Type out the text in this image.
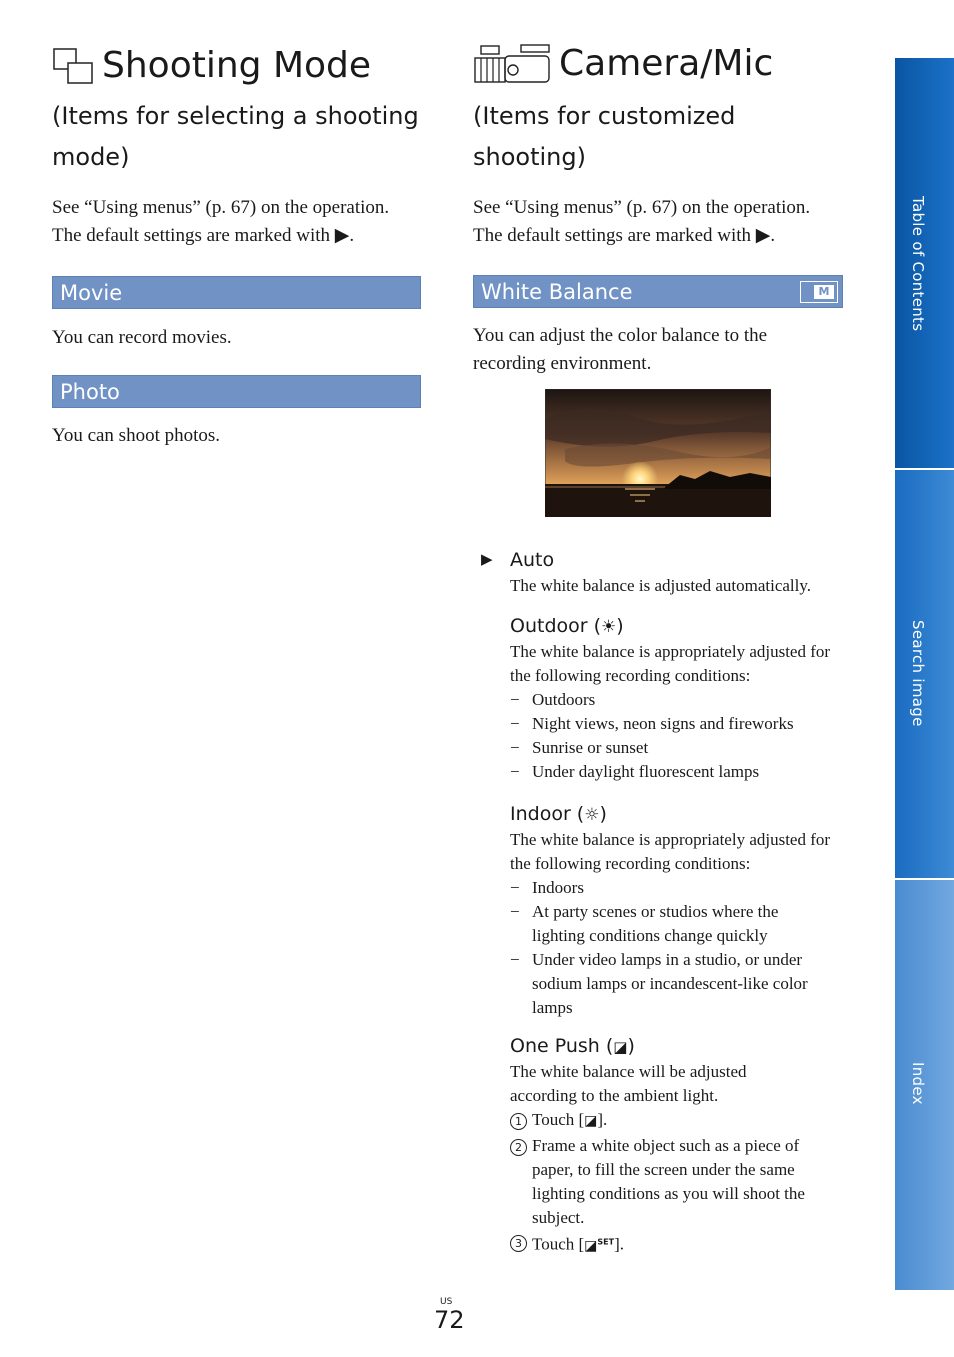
Shooting Mode

(Items for selecting a shooting mode)

See “Using menus” (p. 67) on the operation.

The default settings are marked with ▶.

Movie

You can record movies.

Photo

You can shoot photos.

Camera/Mic

(Items for customized shooting)

See “Using menus” (p. 67) on the operation.

The default settings are marked with ▶.

White Balance	M

You can adjust the color balance to the recording environment.

▶ Auto

The white balance is adjusted automatically.

Outdoor (☀)

The white balance is appropriately adjusted for the following recording conditions:

− Outdoors
− Night views, neon signs and fireworks
− Sunrise or sunset
− Under daylight fluorescent lamps

Indoor (☼)

The white balance is appropriately adjusted for the following recording conditions:

− Indoors
− At party scenes or studios where the lighting conditions change quickly
− Under video lamps in a studio, or under sodium lamps or incandescent-like color lamps

One Push (◪)

The white balance will be adjusted according to the ambient light.

1 Touch [◪].
2 Frame a white object such as a piece of paper, to fill the screen under the same lighting conditions as you will shoot the subject.
3 Touch [◪$^{SET}$].
Table of Contents
Search image
Index
US
72
